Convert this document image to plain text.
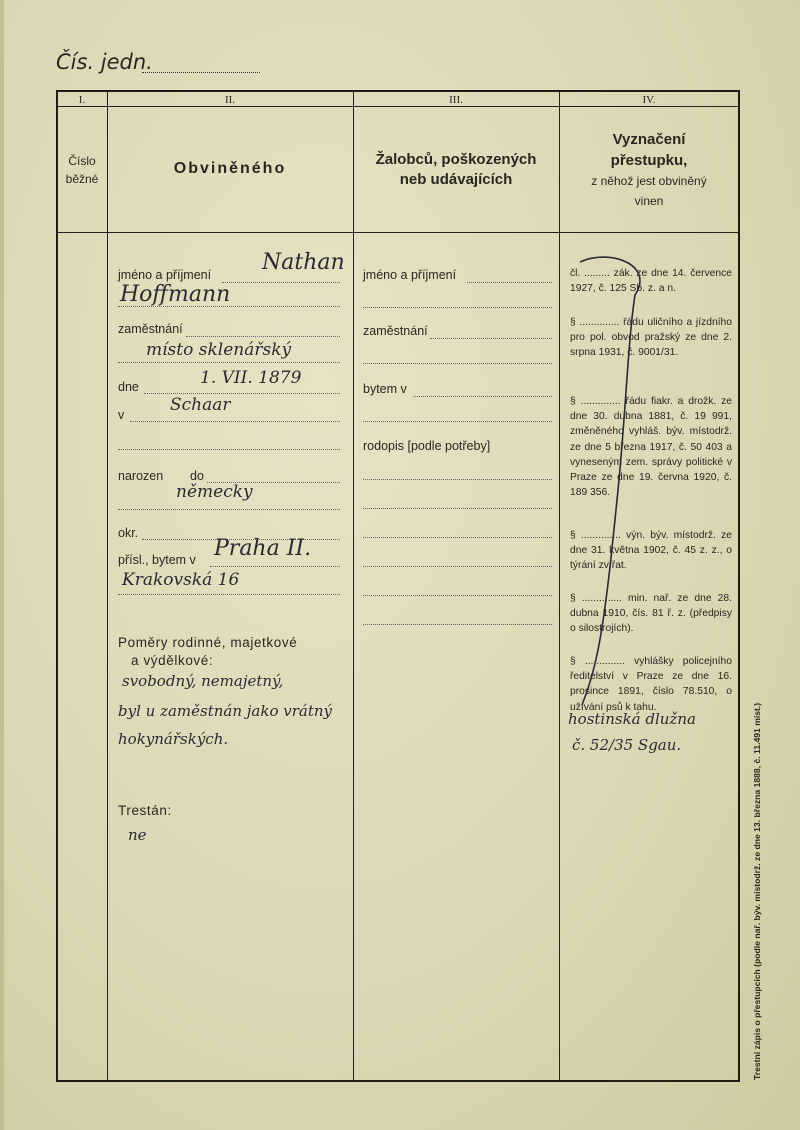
Čís. jedn.
I.	II.	III.	IV.
Číslo
běžné
Obviněného
Žalobců, poškozených
neb udávajících
Vyznačení
přestupku,
z něhož jest obviněný
vinen
jméno a příjmení Nathan
Hoffmann
zaměstnání
místo sklenářský
dne	1. VII. 1879
v	Schaar
narozen do
německy
okr.
přísl., bytem v Praha II.
Krakovská 16
Poměry rodinné, majetkové
a výdělkové:
svobodný, nemajetný,
byl u zaměstnán jako vrátný
hokynářských.
Trestán:
ne
jméno a příjmení
zaměstnání
bytem v
rodopis [podle potřeby]
čl. ......... zák. ze dne 14. července 1927, č. 125 Sb. z. a n.
§ .............. řádu uličního a jízdního pro pol. obvod pražský ze dne 2. srpna 1931, č. 9001/31.
§ .............. řádu fiakr. a drožk. ze dne 30. dubna 1881, č. 19 991, změněného vyhláš. býv. místodrž. ze dne 5 března 1917, č. 50 403 a vyneseným zem. správy politické v Praze ze dne 19. června 1920, č. 189 356.
§ .............. výn. býv. místodrž. ze dne 31. května 1902, č. 45 z. z., o týrání zvířat.
§ .............. min. nař. ze dne 28. dubna 1910, čís. 81 ř. z. (předpisy o silostrojích).
§ .............. vyhlášky policejního ředitelství v Praze ze dne 16. prosince 1891, číslo 78.510, o užívání psů k tahu.
hostinská dlužna
č. 52/35 Sgau.	Trestní zápis o přestupcích (podle nař. býv. místodrž. ze dne 13. března 1888, č. 11.491 míst.)
